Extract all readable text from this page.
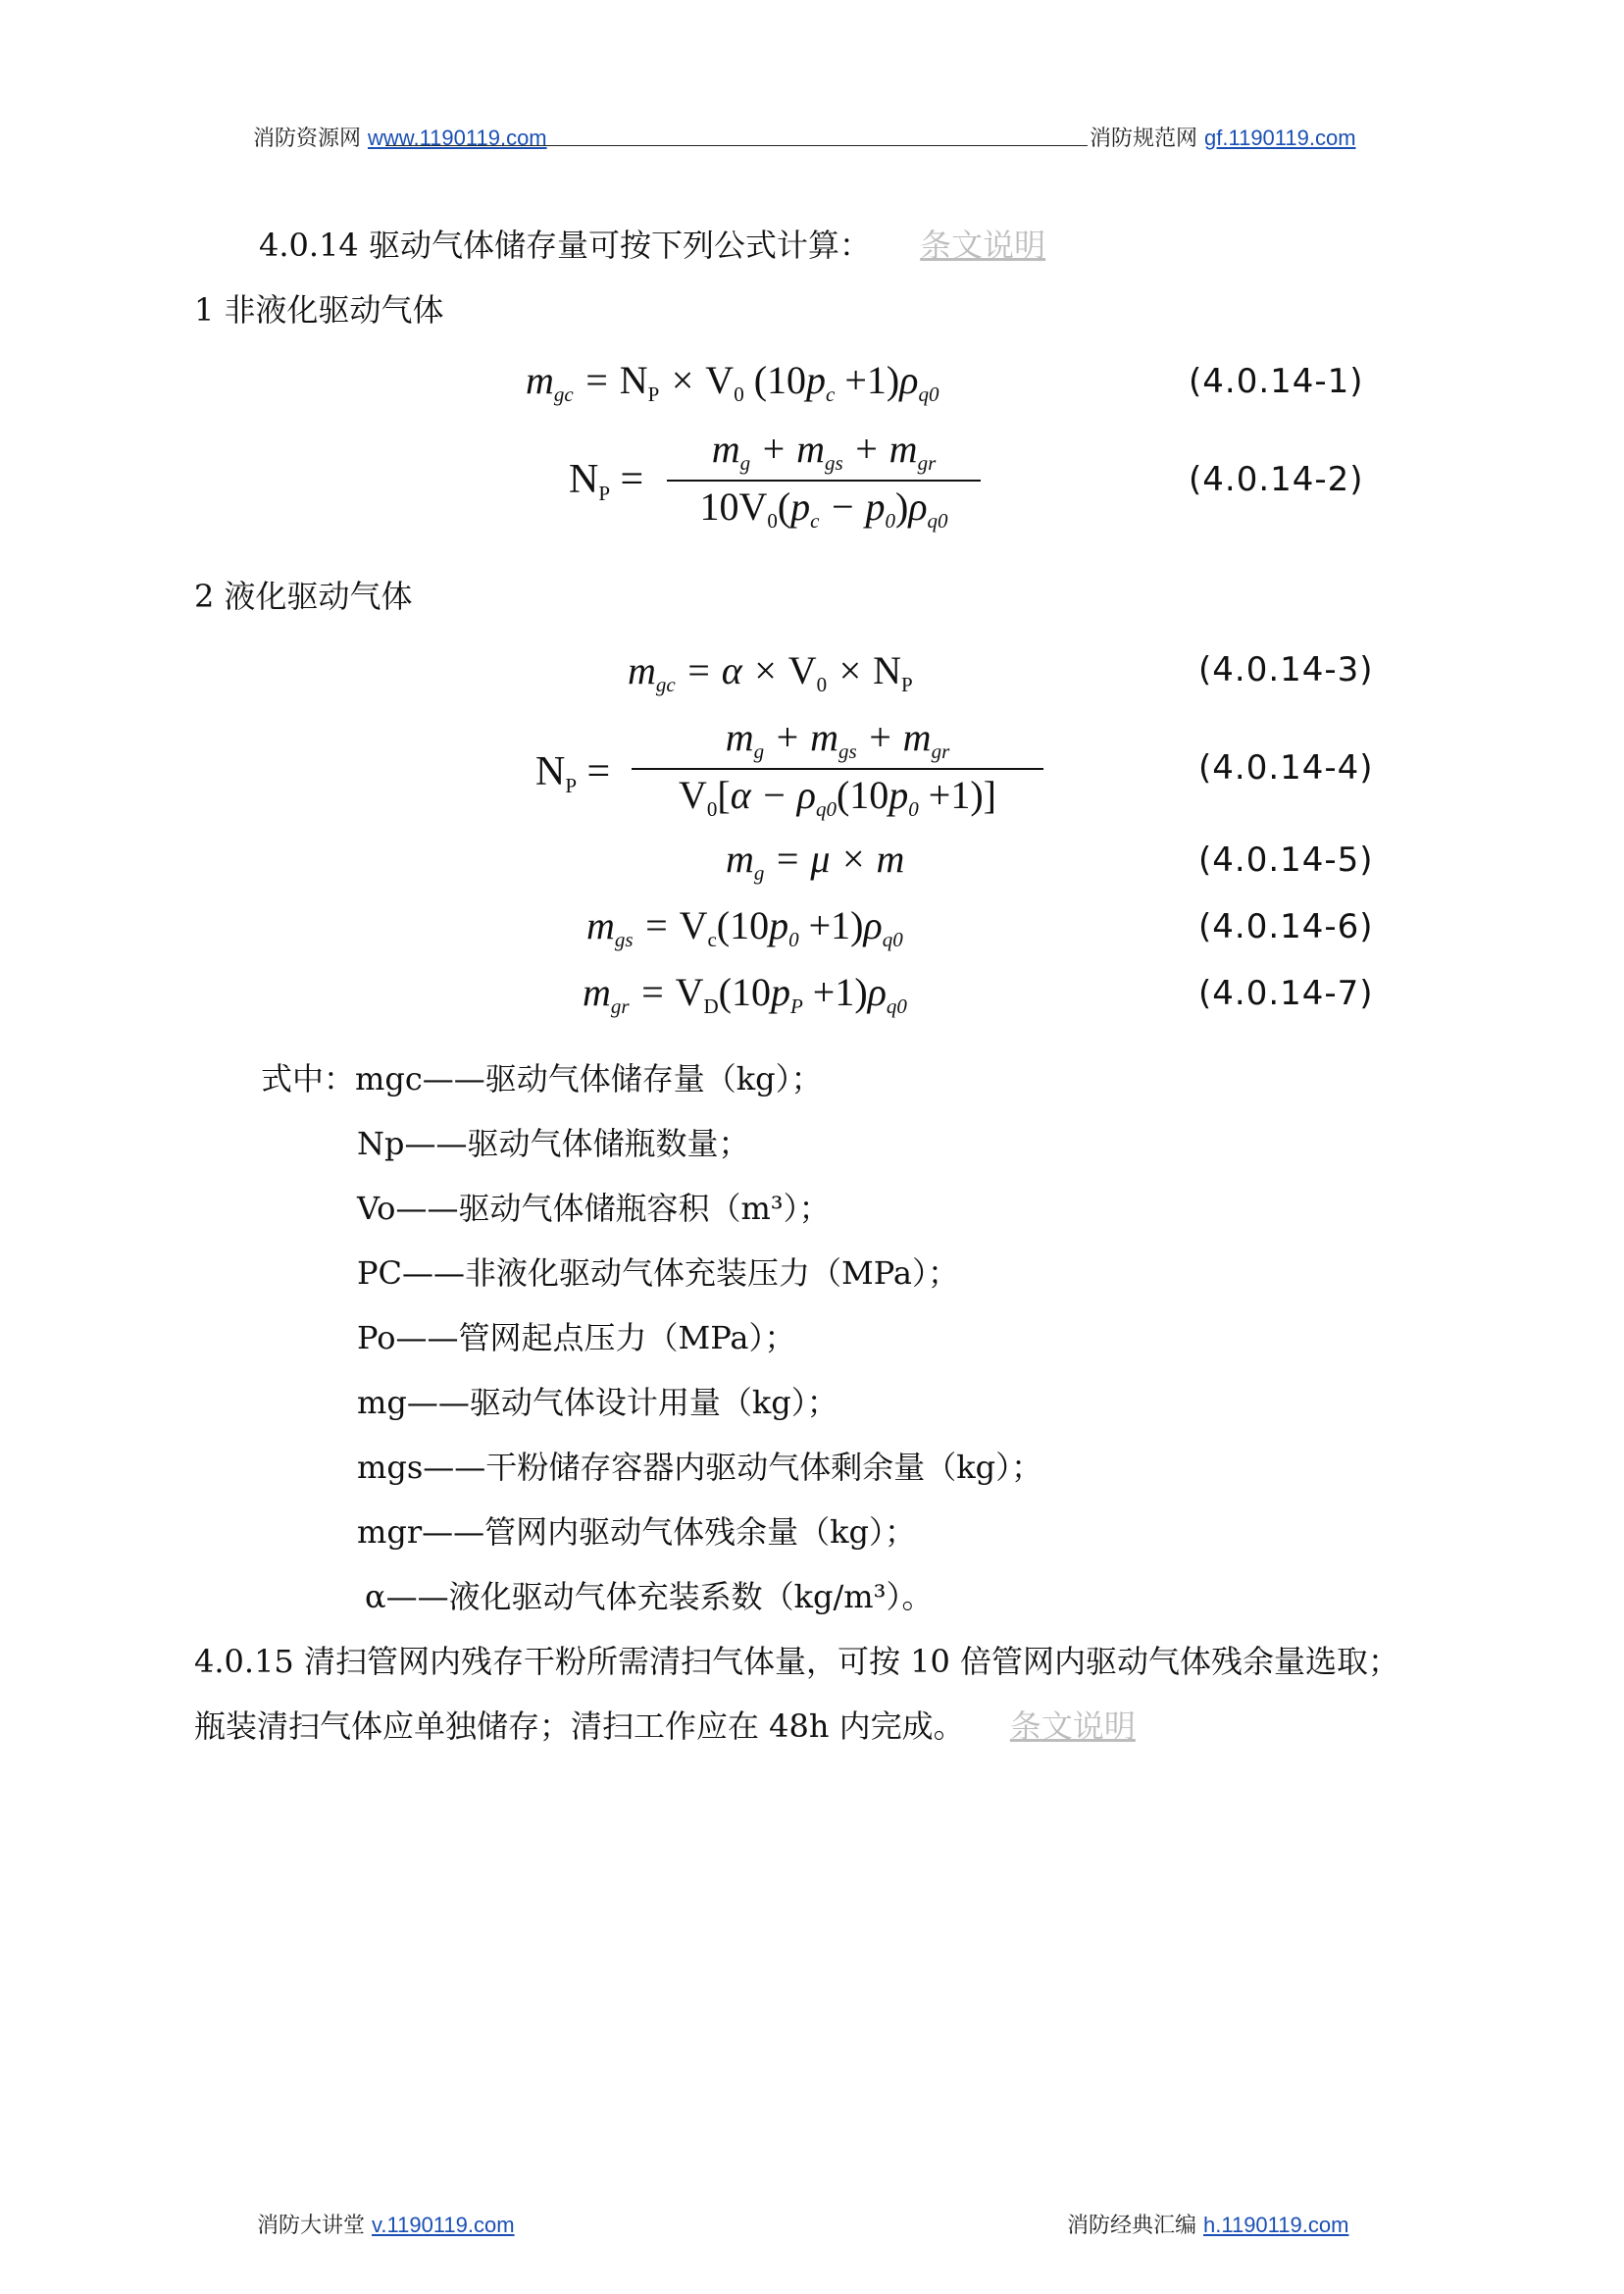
消防资源网 www.1190119.com	消防规范网 gf.1190119.com
4.0.14 驱动气体储存量可按下列公式计算： 条文说明
1 非液化驱动气体
$m_{gc} = N_P \times V_0$ $(10p_c +1)\rho_{q0}$	(4.0.14-1)
$N_P$ =
$m_g + m_{gs} + m_{gr}$
$10V_0(p_c - p_0)\rho_{q0}$
(4.0.14-2)
2 液化驱动气体
$m_{gc} = \alpha \times V_0 \times N_P$	(4.0.14-3)
$N_P$ =
$m_g + m_{gs} + m_{gr}$
$V_0[\alpha - \rho_{q0}(10p_0 +1)]$
(4.0.14-4)
$m_g = \mu \times m$	(4.0.14-5)
$m_{gs} = V_c(10p_0 +1)\rho_{q0}$	(4.0.14-6)
$m_{gr} = V_D(10p_P +1)\rho_{q0}$	(4.0.14-7)
式中：mgc——驱动气体储存量（kg）；
Np——驱动气体储瓶数量；
Vo——驱动气体储瓶容积（m³）；
PC——非液化驱动气体充装压力（MPa）；
Po——管网起点压力（MPa）；
mg——驱动气体设计用量（kg）；
mgs——干粉储存容器内驱动气体剩余量（kg）；
mgr——管网内驱动气体残余量（kg）；
α——液化驱动气体充装系数（kg/m³）。
4.0.15 清扫管网内残存干粉所需清扫气体量，可按 10 倍管网内驱动气体残余量选取；
瓶装清扫气体应单独储存；清扫工作应在 48h 内完成。 条文说明
消防大讲堂 v.1190119.com	消防经典汇编 h.1190119.com
